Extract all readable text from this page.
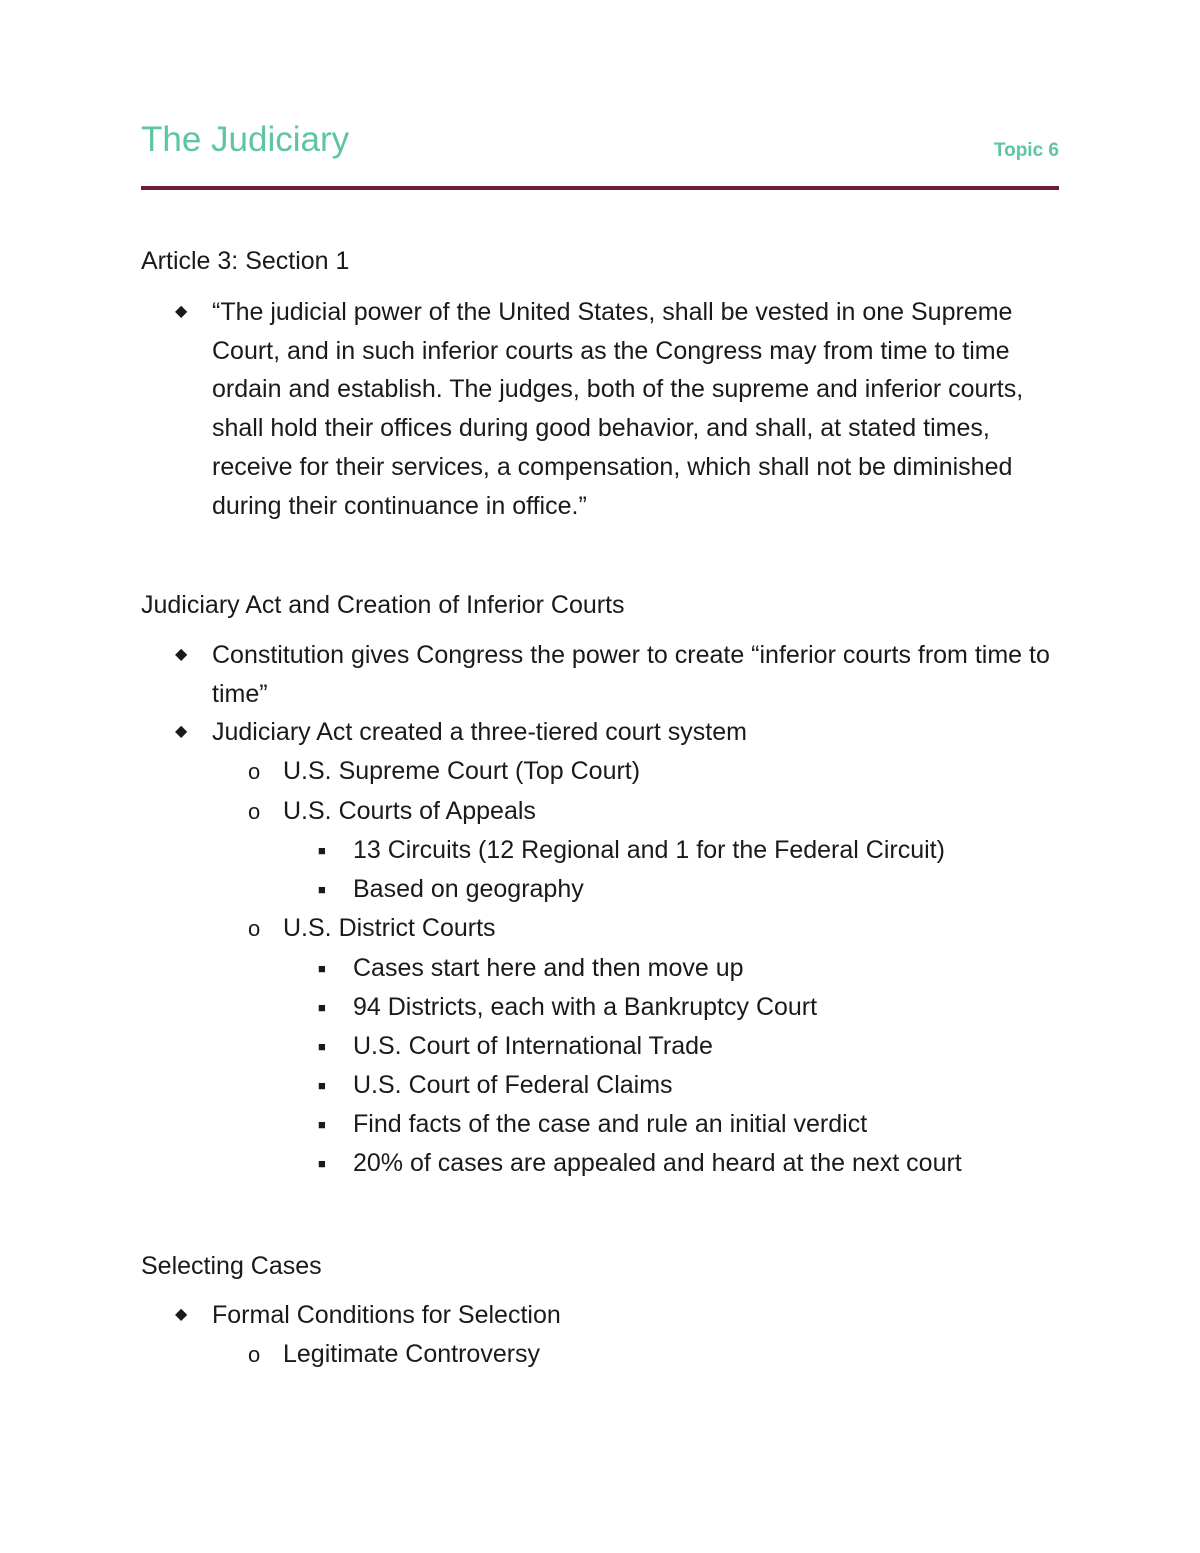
The Judiciary	Topic 6

Article 3: Section 1

◆ “The judicial power of the United States, shall be vested in one Supreme Court, and in such inferior courts as the Congress may from time to time ordain and establish. The judges, both of the supreme and inferior courts, shall hold their offices during good behavior, and shall, at stated times, receive for their services, a compensation, which shall not be diminished during their continuance in office.”

Judiciary Act and Creation of Inferior Courts

◆ Constitution gives Congress the power to create “inferior courts from time to time”
◆ Judiciary Act created a three-tiered court system
o U.S. Supreme Court (Top Court)
o U.S. Courts of Appeals
■ 13 Circuits (12 Regional and 1 for the Federal Circuit)
■ Based on geography
o U.S. District Courts
■ Cases start here and then move up
■ 94 Districts, each with a Bankruptcy Court
■ U.S. Court of International Trade
■ U.S. Court of Federal Claims
■ Find facts of the case and rule an initial verdict
■ 20% of cases are appealed and heard at the next court

Selecting Cases

◆ Formal Conditions for Selection
o Legitimate Controversy
